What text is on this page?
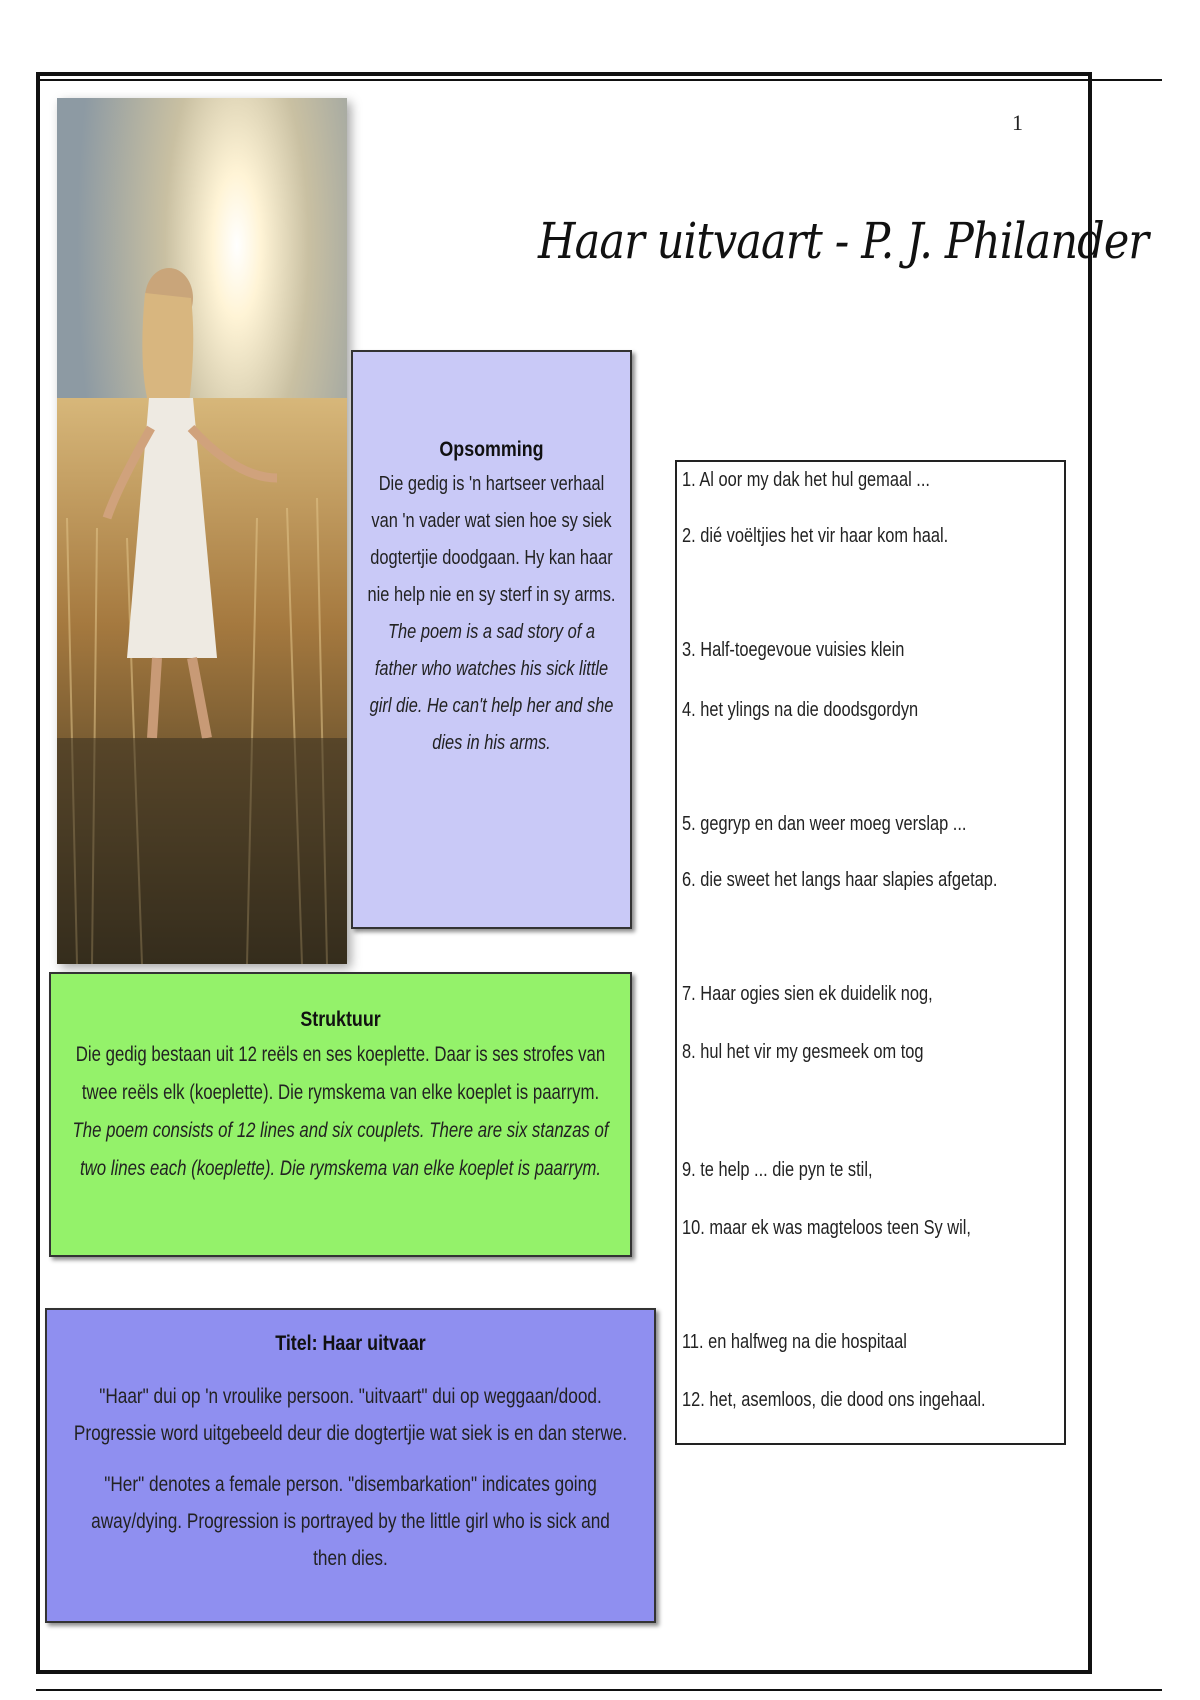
1
Haar uitvaart - P. J. Philander
Opsomming
Die gedig is 'n hartseer verhaal van 'n vader wat sien hoe sy siek dogtertjie doodgaan. Hy kan haar nie help nie en sy sterf in sy arms.
The poem is a sad story of a father who watches his sick little girl die. He can't help her and she dies in his arms.
Struktuur
Die gedig bestaan uit 12 reëls en ses koeplette. Daar is ses strofes van twee reëls elk (koeplette). Die rymskema van elke koeplet is paarrym.
The poem consists of 12 lines and six couplets. There are six stanzas of two lines each (koeplette). Die rymskema van elke koeplet is paarrym.
Titel: Haar uitvaar
"Haar" dui op 'n vroulike persoon. "uitvaart" dui op weggaan/dood. Progressie word uitgebeeld deur die dogtertjie wat siek is en dan sterwe.
"Her" denotes a female person. "disembarkation" indicates going away/dying. Progression is portrayed by the little girl who is sick and then dies.
1. Al oor my dak het hul gemaal ...
2. dié voëltjies het vir haar kom haal.
3. Half-toegevoue vuisies klein
4. het ylings na die doodsgordyn
5. gegryp en dan weer moeg verslap ...
6. die sweet het langs haar slapies afgetap.
7. Haar ogies sien ek duidelik nog,
8. hul het vir my gesmeek om tog
9. te help ... die pyn te stil,
10. maar ek was magteloos teen Sy wil,
11. en halfweg na die hospitaal
12. het, asemloos, die dood ons ingehaal.
